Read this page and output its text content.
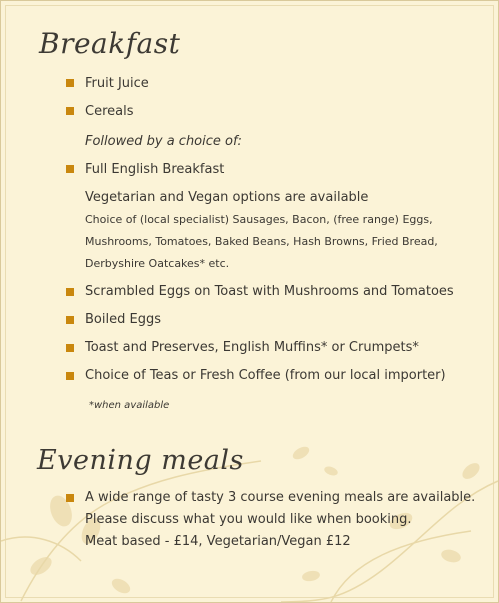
Breakfast
Fruit Juice
Cereals
Followed by a choice of:
Full English Breakfast
Vegetarian and Vegan options are available
Choice of (local specialist) Sausages, Bacon, (free range) Eggs,
Mushrooms, Tomatoes, Baked Beans, Hash Browns, Fried Bread,
Derbyshire Oatcakes* etc.
Scrambled Eggs on Toast with Mushrooms and Tomatoes
Boiled Eggs
Toast and Preserves, English Muffins* or Crumpets*
Choice of Teas or Fresh Coffee (from our local importer)
*when available
Evening meals
A wide range of tasty 3 course evening meals are available.
Please discuss what you would like when booking.
Meat based - £14, Vegetarian/Vegan £12
